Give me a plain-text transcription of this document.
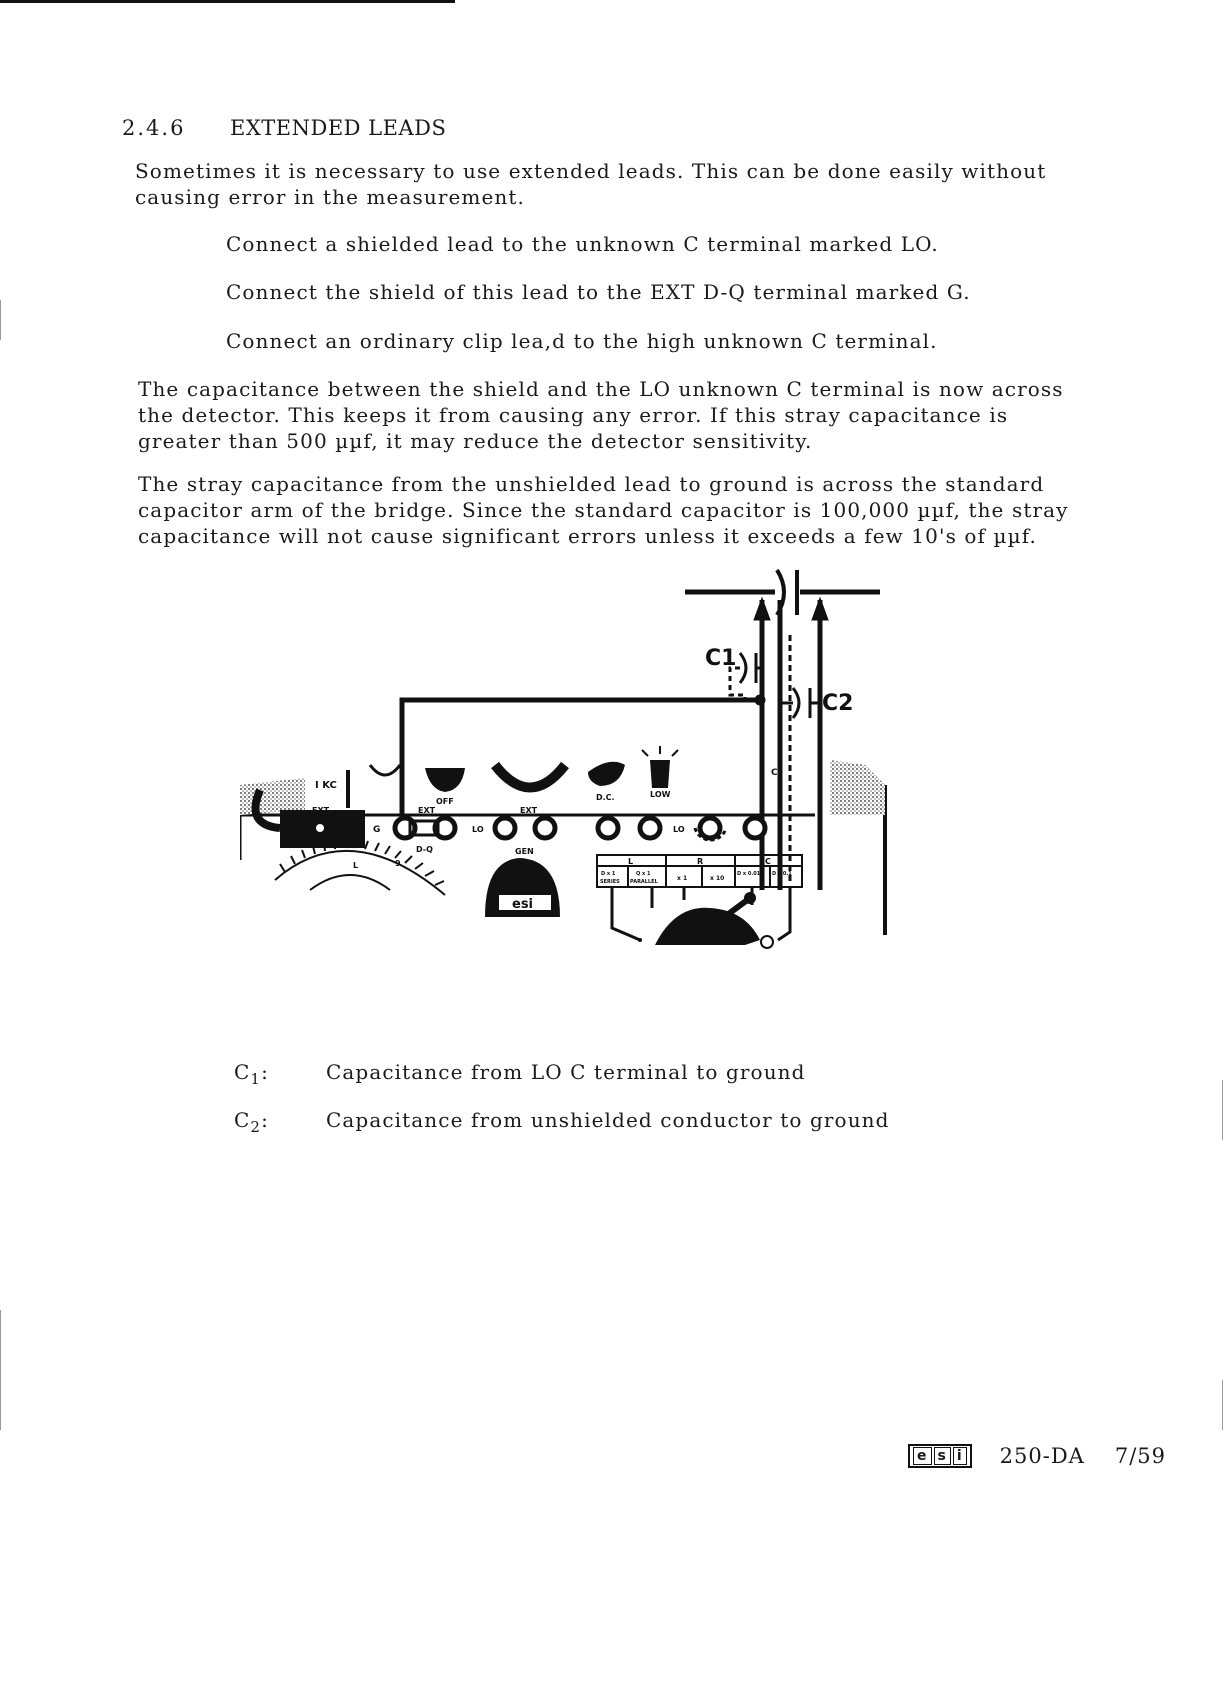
2.4.6 EXTENDED LEADS

Sometimes it is necessary to use extended leads. This can be done easily without causing error in the measurement.

Connect a shielded lead to the unknown C terminal marked LO.

Connect the shield of this lead to the EXT D-Q terminal marked G.

Connect an ordinary clip lea,d to the high unknown C terminal.

The capacitance between the shield and the LO unknown C terminal is now across the detector. This keeps it from causing any error. If this stray capacitance is greater than 500 µµf, it may reduce the detector sensitivity.

The stray capacitance from the unshielded lead to ground is across the standard capacitor arm of the bridge. Since the standard capacitor is 100,000 µµf, the stray capacitance will not cause significant errors unless it exceeds a few 10's of µµf.

C1
C2
I KC
OFF
EXT	EXT
EXT
D.C.	LOW
G
D-Q
LO
GEN
LO
C
L	R	C
D x 1
SERIES
Q x 1
PARALLEL	x 1	x 10
D x 0.01 D x 0.1
OFF
L	9
esi
$C_1$:	Capacitance from LO C terminal to ground
$C_2$:	Capacitance from unshielded conductor to ground
e s i 250-DA 7/59
